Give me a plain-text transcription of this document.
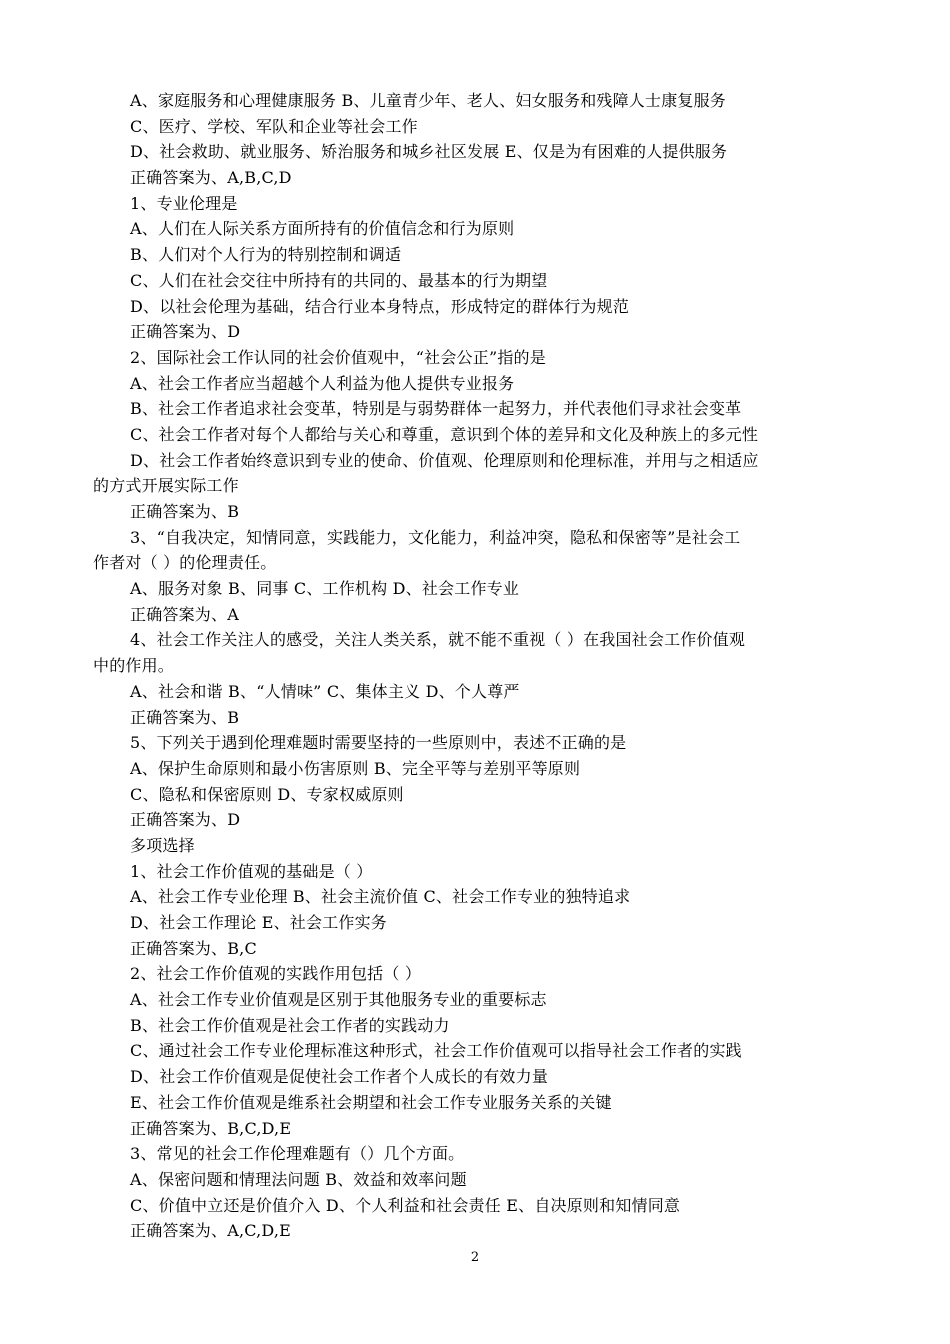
A、家庭服务和心理健康服务 B、儿童青少年、老人、妇女服务和残障人士康复服务
C、医疗、学校、军队和企业等社会工作
D、社会救助、就业服务、矫治服务和城乡社区发展 E、仅是为有困难的人提供服务
正确答案为、A,B,C,D
1、专业伦理是
A、人们在人际关系方面所持有的价值信念和行为原则
B、人们对个人行为的特别控制和调适
C、人们在社会交往中所持有的共同的、最基本的行为期望
D、以社会伦理为基础，结合行业本身特点，形成特定的群体行为规范
正确答案为、D
2、国际社会工作认同的社会价值观中，“社会公正”指的是
A、社会工作者应当超越个人利益为他人提供专业报务
B、社会工作者追求社会变革，特别是与弱势群体一起努力，并代表他们寻求社会变革
C、社会工作者对每个人都给与关心和尊重，意识到个体的差异和文化及种族上的多元性
D、社会工作者始终意识到专业的使命、价值观、伦理原则和伦理标准，并用与之相适应
的方式开展实际工作
正确答案为、B
3、“自我决定，知情同意，实践能力，文化能力，利益冲突，隐私和保密等”是社会工
作者对（ ）的伦理责任。
A、服务对象 B、同事 C、工作机构 D、社会工作专业
正确答案为、A
4、社会工作关注人的感受，关注人类关系，就不能不重视（ ）在我国社会工作价值观
中的作用。
A、社会和谐 B、“人情味” C、集体主义 D、个人尊严
正确答案为、B
5、下列关于遇到伦理难题时需要坚持的一些原则中，表述不正确的是
A、保护生命原则和最小伤害原则 B、完全平等与差别平等原则
C、隐私和保密原则 D、专家权威原则
正确答案为、D
多项选择
1、社会工作价值观的基础是（ ）
A、社会工作专业伦理 B、社会主流价值 C、社会工作专业的独特追求
D、社会工作理论 E、社会工作实务
正确答案为、B,C
2、社会工作价值观的实践作用包括（ ）
A、社会工作专业价值观是区别于其他服务专业的重要标志
B、社会工作价值观是社会工作者的实践动力
C、通过社会工作专业伦理标准这种形式，社会工作价值观可以指导社会工作者的实践
D、社会工作价值观是促使社会工作者个人成长的有效力量
E、社会工作价值观是维系社会期望和社会工作专业服务关系的关键
正确答案为、B,C,D,E
3、常见的社会工作伦理难题有（）几个方面。
A、保密问题和情理法问题 B、效益和效率问题
C、价值中立还是价值介入 D、个人利益和社会责任 E、自决原则和知情同意
正确答案为、A,C,D,E
2
